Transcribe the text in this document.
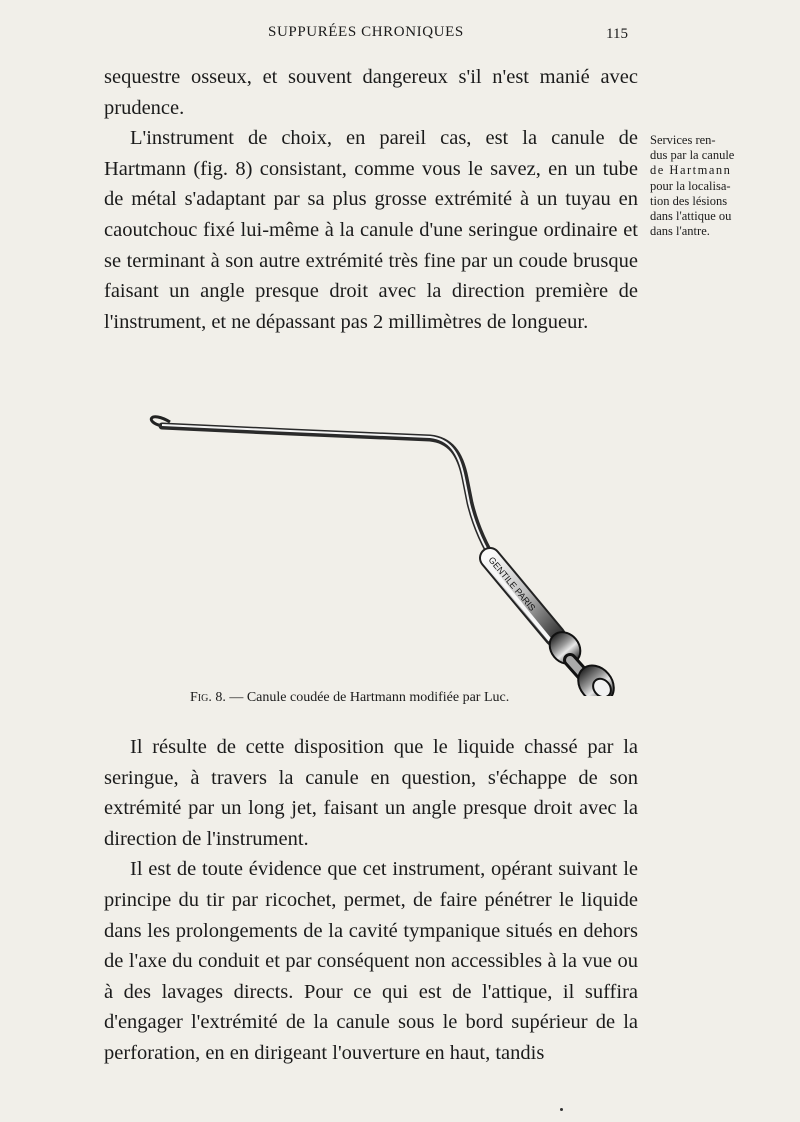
SUPPURÉES CHRONIQUES	115

sequestre osseux, et souvent dangereux s'il n'est manié avec prudence.

L'instrument de choix, en pareil cas, est la canule de Hartmann (fig. 8) consistant, comme vous le savez, en un tube de métal s'adaptant par sa plus grosse extrémité à un tuyau en caoutchouc fixé lui-même à la canule d'une seringue ordinaire et se terminant à son autre extrémité très fine par un coude brusque faisant un angle presque droit avec la direction première de l'instrument, et ne dépassant pas 2 millimètres de longueur.

Services ren-
dus par la canule
de Hartmann
pour la localisa-
tion des lésions
dans l'attique ou
dans l'antre.
GENTILE PARIS
Fig. 8. — Canule coudée de Hartmann modifiée par Luc.

Il résulte de cette disposition que le liquide chassé par la seringue, à travers la canule en question, s'échappe de son extrémité par un long jet, faisant un angle presque droit avec la direction de l'instrument.

Il est de toute évidence que cet instrument, opérant suivant le principe du tir par ricochet, permet, de faire pénétrer le liquide dans les prolongements de la cavité tympanique situés en dehors de l'axe du conduit et par conséquent non accessibles à la vue ou à des lavages directs. Pour ce qui est de l'attique, il suffira d'engager l'extrémité de la canule sous le bord supérieur de la perforation, en en dirigeant l'ouverture en haut, tandis
